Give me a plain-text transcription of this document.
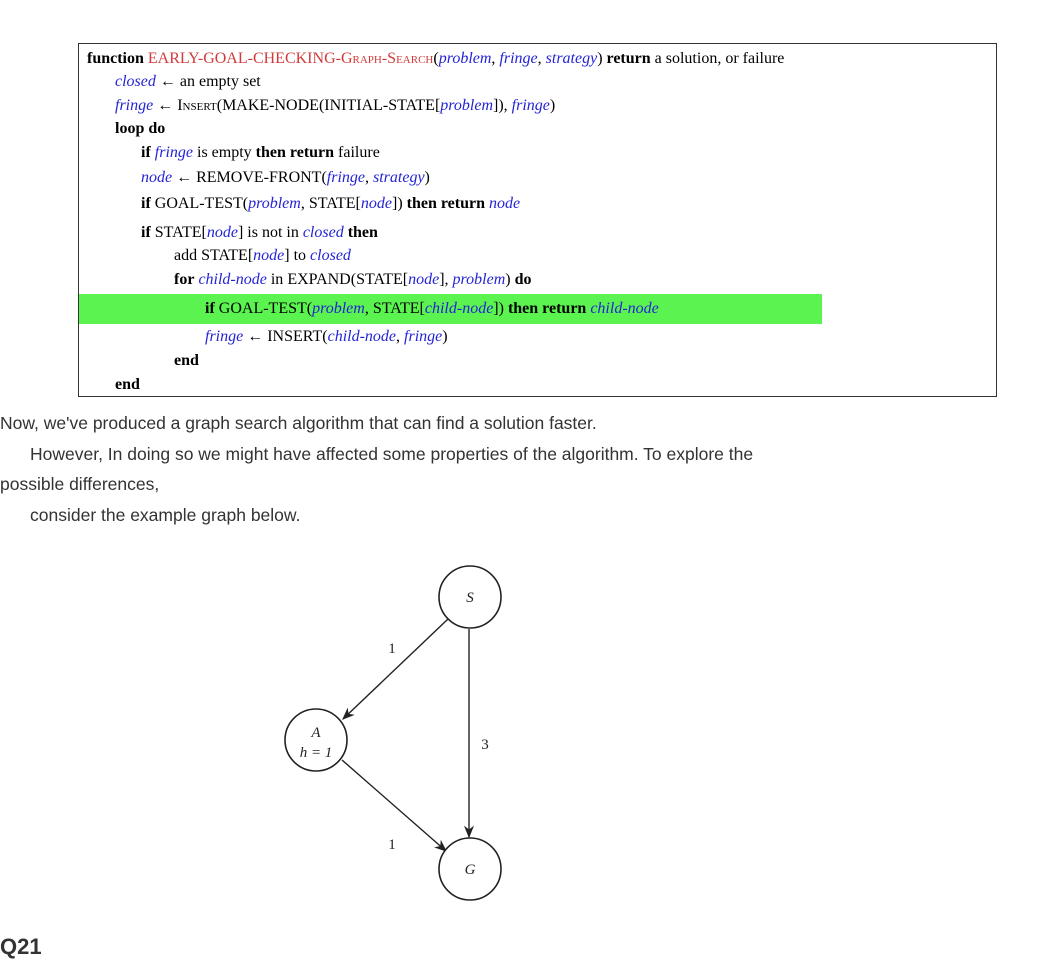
function EARLY-GOAL-CHECKING-Graph-Search(problem, fringe, strategy) return a solution, or failure
closed ← an empty set
fringe ← Insert(MAKE-NODE(INITIAL-STATE[problem]), fringe)
loop do
if fringe is empty then return failure
node ← REMOVE-FRONT(fringe, strategy)
if GOAL-TEST(problem, STATE[node]) then return node
if STATE[node] is not in closed then
add STATE[node] to closed
for child-node in EXPAND(STATE[node], problem) do
if GOAL-TEST(problem, STATE[child-node]) then return child-node
fringe ← INSERT(child-node, fringe)
end
end
Now, we've produced a graph search algorithm that can find a solution faster.
However, In doing so we might have affected some properties of the algorithm. To explore the
possible differences,
consider the example graph below.
1
3
1
S
A
h = 1
G
Q21
